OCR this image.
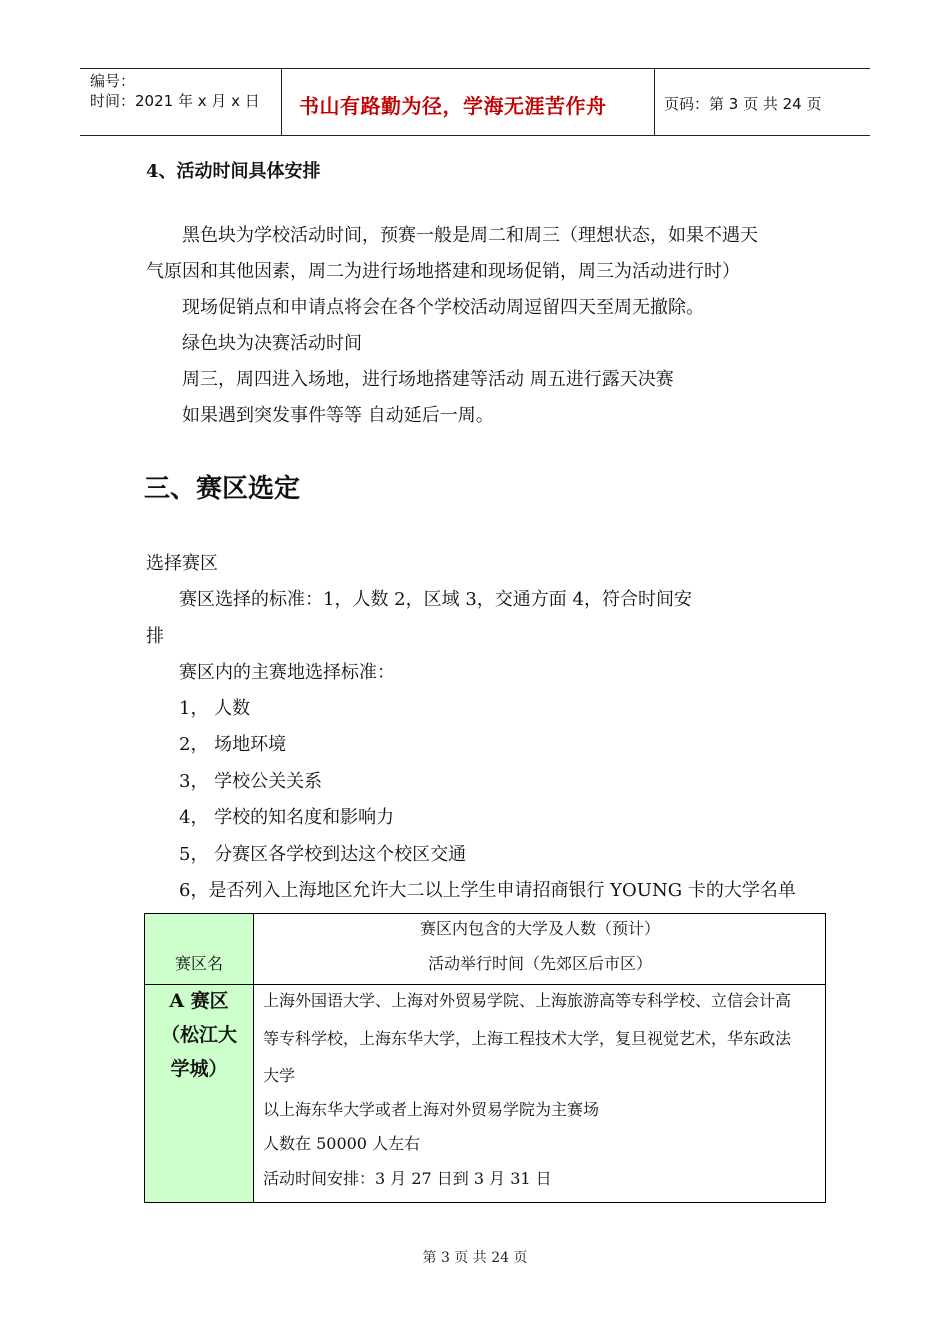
编号：
时间：2021 年 x 月 x 日 书山有路勤为径，学海无涯苦作舟	页码：第 3 页 共 24 页
4、活动时间具体安排
黑色块为学校活动时间，预赛一般是周二和周三（理想状态，如果不遇天
气原因和其他因素，周二为进行场地搭建和现场促销，周三为活动进行时）
现场促销点和申请点将会在各个学校活动周逗留四天至周无撤除。
绿色块为决赛活动时间
周三，周四进入场地，进行场地搭建等活动 周五进行露天决赛
如果遇到突发事件等等 自动延后一周。
三、赛区选定
选择赛区
赛区选择的标准：1，人数 2，区域 3，交通方面 4，符合时间安
排
赛区内的主赛地选择标准：
1， 人数
2， 场地环境
3， 学校公关关系
4， 学校的知名度和影响力
5， 分赛区各学校到达这个校区交通
6，是否列入上海地区允许大二以上学生申请招商银行 YOUNG 卡的大学名单
赛区名
赛区内包含的大学及人数（预计）
活动举行时间（先郊区后市区）
A 赛区
（松江大
学城）
上海外国语大学、上海对外贸易学院、上海旅游高等专科学校、立信会计高
等专科学校，上海东华大学，上海工程技术大学，复旦视觉艺术，华东政法
大学
以上海东华大学或者上海对外贸易学院为主赛场
人数在 50000 人左右
活动时间安排：3 月 27 日到 3 月 31 日
第 3 页 共 24 页
